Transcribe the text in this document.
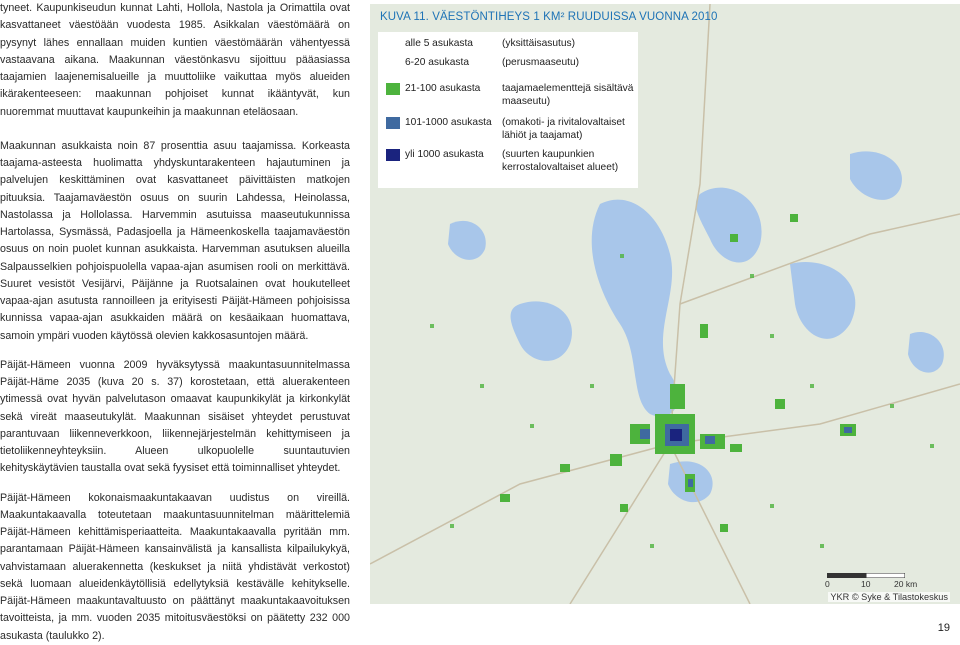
tyneet. Kaupunkiseudun kunnat Lahti, Hollola, Nastola ja Orimattila ovat kasvattaneet väestöään vuodesta 1985. Asikkalan väestömäärä on pysynyt lähes ennallaan muiden kuntien väestömäärän vähentyessä vastaavana aikana. Maakunnan väestönkasvu sijoittuu pääasiassa taajamien laajenemisalueille ja muuttoliike vaikuttaa myös alueiden ikärakenteeseen: maakunnan pohjoiset kunnat ikääntyvät, kun nuoremmat muuttavat kaupunkeihin ja maakunnan eteläosaan.

Maakunnan asukkaista noin 87 prosenttia asuu taajamissa. Korkeasta taajama-asteesta huolimatta yhdyskuntarakenteen hajautuminen ja palvelujen keskittäminen ovat kasvattaneet päivittäisten matkojen pituuksia. Taajamaväestön osuus on suurin Lahdessa, Heinolassa, Nastolassa ja Hollolassa. Harvemmin asutuissa maaseutukunnissa Hartolassa, Sysmässä, Padasjoella ja Hämeenkoskella taajamaväestön osuus on noin puolet kunnan asukkaista. Harvemman asutuksen alueilla Salpausselkien pohjoispuolella vapaa-ajan asumisen rooli on merkittävä. Suuret vesistöt Vesijärvi, Päijänne ja Ruotsalainen ovat houkutelleet vapaa-ajan asutusta rannoilleen ja erityisesti Päijät-Hämeen pohjoisissa kunnissa vapaa-ajan asukkaiden määrä on kesäaikaan huomattava, samoin ympäri vuoden käytössä olevien kakkosasuntojen määrä.

Päijät-Hämeen vuonna 2009 hyväksytyssä maakuntasuunnitelmassa Päijät-Häme 2035 (kuva 20 s. 37) korostetaan, että aluerakenteen ytimessä ovat hyvän palvelutason omaavat kaupunkikylät ja kirkonkylät sekä vireät maaseutukylät. Maakunnan sisäiset yhteydet perustuvat parantuvaan liikenneverkkoon, liikennejärjestelmän kehittymiseen ja tietoliikenneyhteyksiin. Alueen ulkopuolelle suuntautuvien kehityskäytävien taustalla ovat sekä fyysiset että toiminnalliset yhteydet.

Päijät-Hämeen kokonaismaakuntakaavan uudistus on vireillä. Maakuntakaavalla toteutetaan maakuntasuunnitelman määrittelemiä Päijät-Hämeen kehittämisperiaatteita. Maakuntakaavalla pyritään mm. parantamaan Päijät-Hämeen kansainvälistä ja kansallista kilpailukykyä, vahvistamaan aluerakennetta (keskukset ja niitä yhdistävät verkostot) sekä luomaan alueidenkäytöllisiä edellytyksiä kestävälle kehitykselle. Päijät-Hämeen maakuntavaltuusto on päättänyt maakuntakaavoituksen tavoitteista, ja mm. vuoden 2035 mitoitusväestöksi on päätetty 232 000 asukasta (taulukko 2).

KUVA 11. VÄESTÖNTIHEYS 1 KM² RUUDUISSA VUONNA 2010
alle 5 asukasta	(yksittäisasutus)
6-20 asukasta	(perusmaaseutu)
21-100 asukasta taajamaelementtejä sisältävä maaseutu)
101-1000 asukasta (omakoti- ja rivitalovaltaiset lähiöt ja taajamat)
yli 1000 asukasta (suurten kaupunkien kerrostalovaltaiset alueet)
0	10	20 km
YKR © Syke & Tilastokeskus
19
